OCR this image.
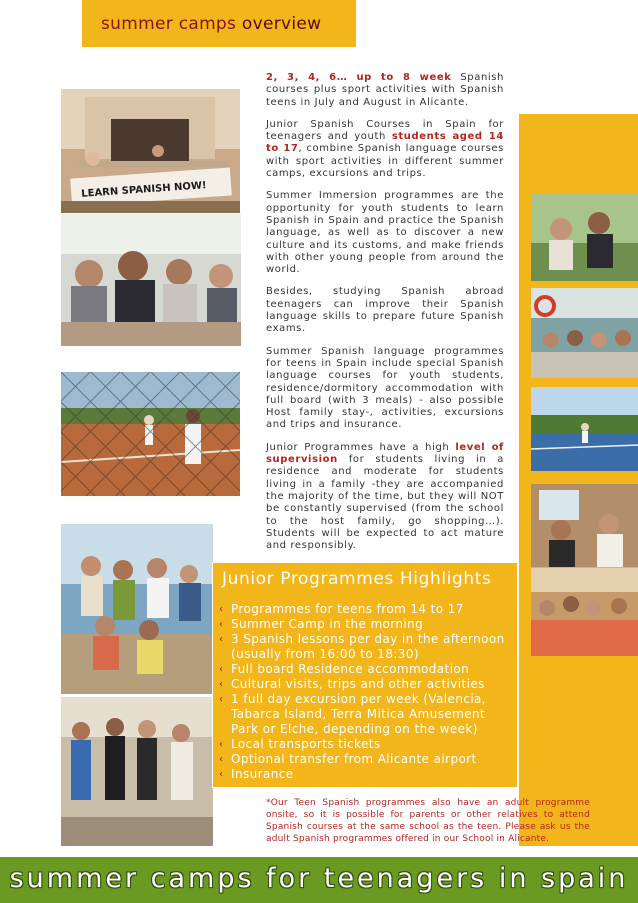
summer camps overview
LEARN SPANISH NOW!

2, 3, 4, 6… up to 8 week Spanish courses plus sport activities with Spanish teens in July and August in Alicante.

Junior Spanish Courses in Spain for teenagers and youth students aged 14 to 17, combine Spanish language courses with sport activities in different summer camps, excursions and trips.

Summer Immersion programmes are the opportunity for youth students to learn Spanish in Spain and practice the Spanish language, as well as to discover a new culture and its customs, and make friends with other young people from around the world.

Besides, studying Spanish abroad teenagers can improve their Spanish language skills to prepare future Spanish exams.

Summer Spanish language programmes for teens in Spain include special Spanish language courses for youth students, residence/dormitory accommodation with full board (with 3 meals) - also possible Host family stay-, activities, excursions and trips and insurance.

Junior Programmes have a high level of supervision for students living in a residence and moderate for students living in a family -they are accompanied the majority of the time, but they will NOT be constantly supervised (from the school to the host family, go shopping…). Students will be expected to act mature and responsibly.

Junior Programmes Highlights
‹ Programmes for teens from 14 to 17
‹ Summer Camp in the morning
‹ 3 Spanish lessons per day in the afternoon (usually from 16:00 to 18:30)
‹ Full board Residence accommodation
‹ Cultural visits, trips and other activities
‹ 1 full day excursion per week (Valencia, Tabarca Island, Terra Mitica Amusement Park or Elche, depending on the week)
‹ Local transports tickets
‹ Optional transfer from Alicante airport
‹ Insurance
*Our Teen Spanish programmes also have an adult programme onsite, so it is possible for parents or other relatives to attend Spanish courses at the same school as the teen. Please ask us the adult Spanish programmes offered in our School in Alicante.
summer camps for teenagers in spain
